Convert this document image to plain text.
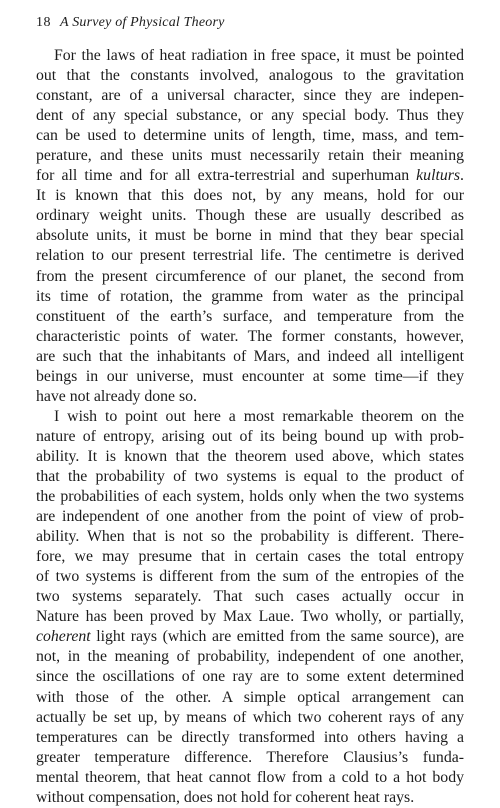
18 A Survey of Physical Theory
For the laws of heat radiation in free space, it must be pointed
out that the constants involved, analogous to the gravitation
constant, are of a universal character, since they are indepen-
dent of any special substance, or any special body. Thus they
can be used to determine units of length, time, mass, and tem-
perature, and these units must necessarily retain their meaning
for all time and for all extra-terrestrial and superhuman kulturs.
It is known that this does not, by any means, hold for our
ordinary weight units. Though these are usually described as
absolute units, it must be borne in mind that they bear special
relation to our present terrestrial life. The centimetre is derived
from the present circumference of our planet, the second from
its time of rotation, the gramme from water as the principal
constituent of the earth’s surface, and temperature from the
characteristic points of water. The former constants, however,
are such that the inhabitants of Mars, and indeed all intelligent
beings in our universe, must encounter at some time—if they
have not already done so.
I wish to point out here a most remarkable theorem on the
nature of entropy, arising out of its being bound up with prob-
ability. It is known that the theorem used above, which states
that the probability of two systems is equal to the product of
the probabilities of each system, holds only when the two systems
are independent of one another from the point of view of prob-
ability. When that is not so the probability is different. There-
fore, we may presume that in certain cases the total entropy
of two systems is different from the sum of the entropies of the
two systems separately. That such cases actually occur in
Nature has been proved by Max Laue. Two wholly, or partially,
coherent light rays (which are emitted from the same source), are
not, in the meaning of probability, independent of one another,
since the oscillations of one ray are to some extent determined
with those of the other. A simple optical arrangement can
actually be set up, by means of which two coherent rays of any
temperatures can be directly transformed into others having a
greater temperature difference. Therefore Clausius’s funda-
mental theorem, that heat cannot flow from a cold to a hot body
without compensation, does not hold for coherent heat rays.
